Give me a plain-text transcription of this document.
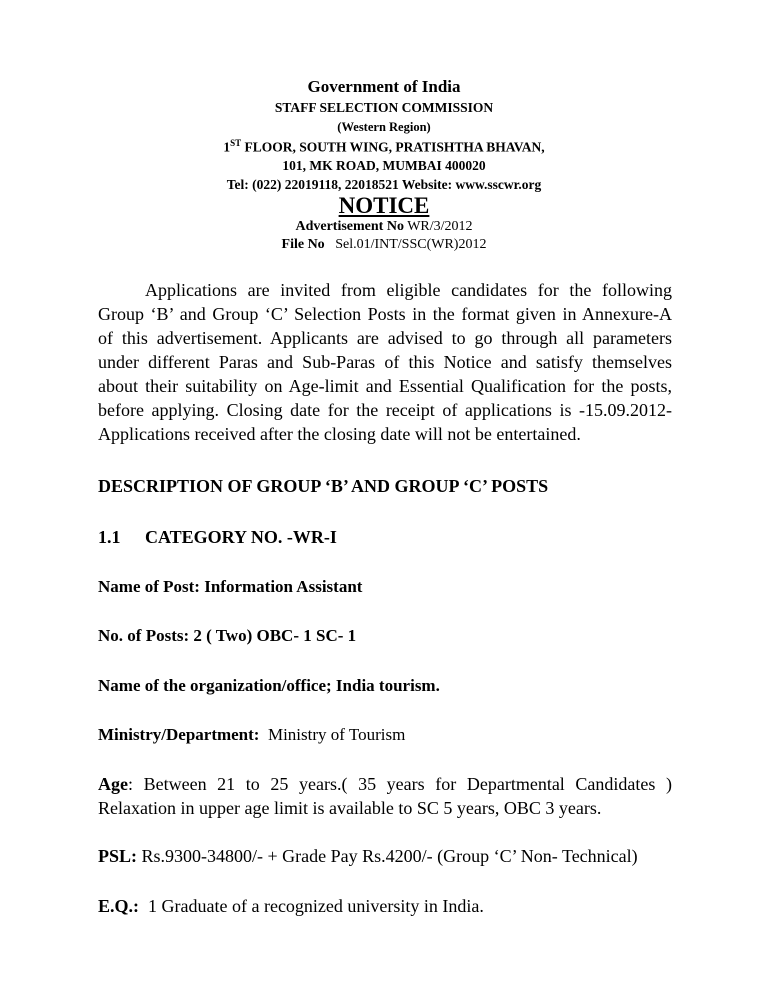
Government of India
STAFF SELECTION COMMISSION
(Western Region)
1ST FLOOR, SOUTH WING, PRATISHTHA BHAVAN,
101, MK ROAD, MUMBAI 400020
Tel: (022) 22019118, 22018521 Website: www.sscwr.org
NOTICE
Advertisement No WR/3/2012
File No   Sel.01/INT/SSC(WR)2012
Applications are invited from eligible candidates for the following
Group ‘B’ and Group ‘C’ Selection Posts in the format given in Annexure-A
of this advertisement. Applicants are advised to go through all parameters
under different Paras and Sub-Paras of this Notice and satisfy themselves
about their suitability on Age-limit and Essential Qualification for the posts,
before applying. Closing date for the receipt of applications is -15.09.2012-
Applications received after the closing date will not be entertained.
DESCRIPTION OF GROUP ‘B’ AND GROUP ‘C’ POSTS
1.1 CATEGORY NO. -WR-I
Name of Post: Information Assistant
No. of Posts: 2 ( Two) OBC- 1 SC- 1
Name of the organization/office; India tourism.
Ministry/Department:  Ministry of Tourism
Age: Between 21 to 25 years.( 35 years for Departmental Candidates )
Relaxation in upper age limit is available to SC 5 years, OBC 3 years.
PSL: Rs.9300-34800/- + Grade Pay Rs.4200/- (Group ‘C’ Non- Technical)
E.Q.:  1 Graduate of a recognized university in India.
